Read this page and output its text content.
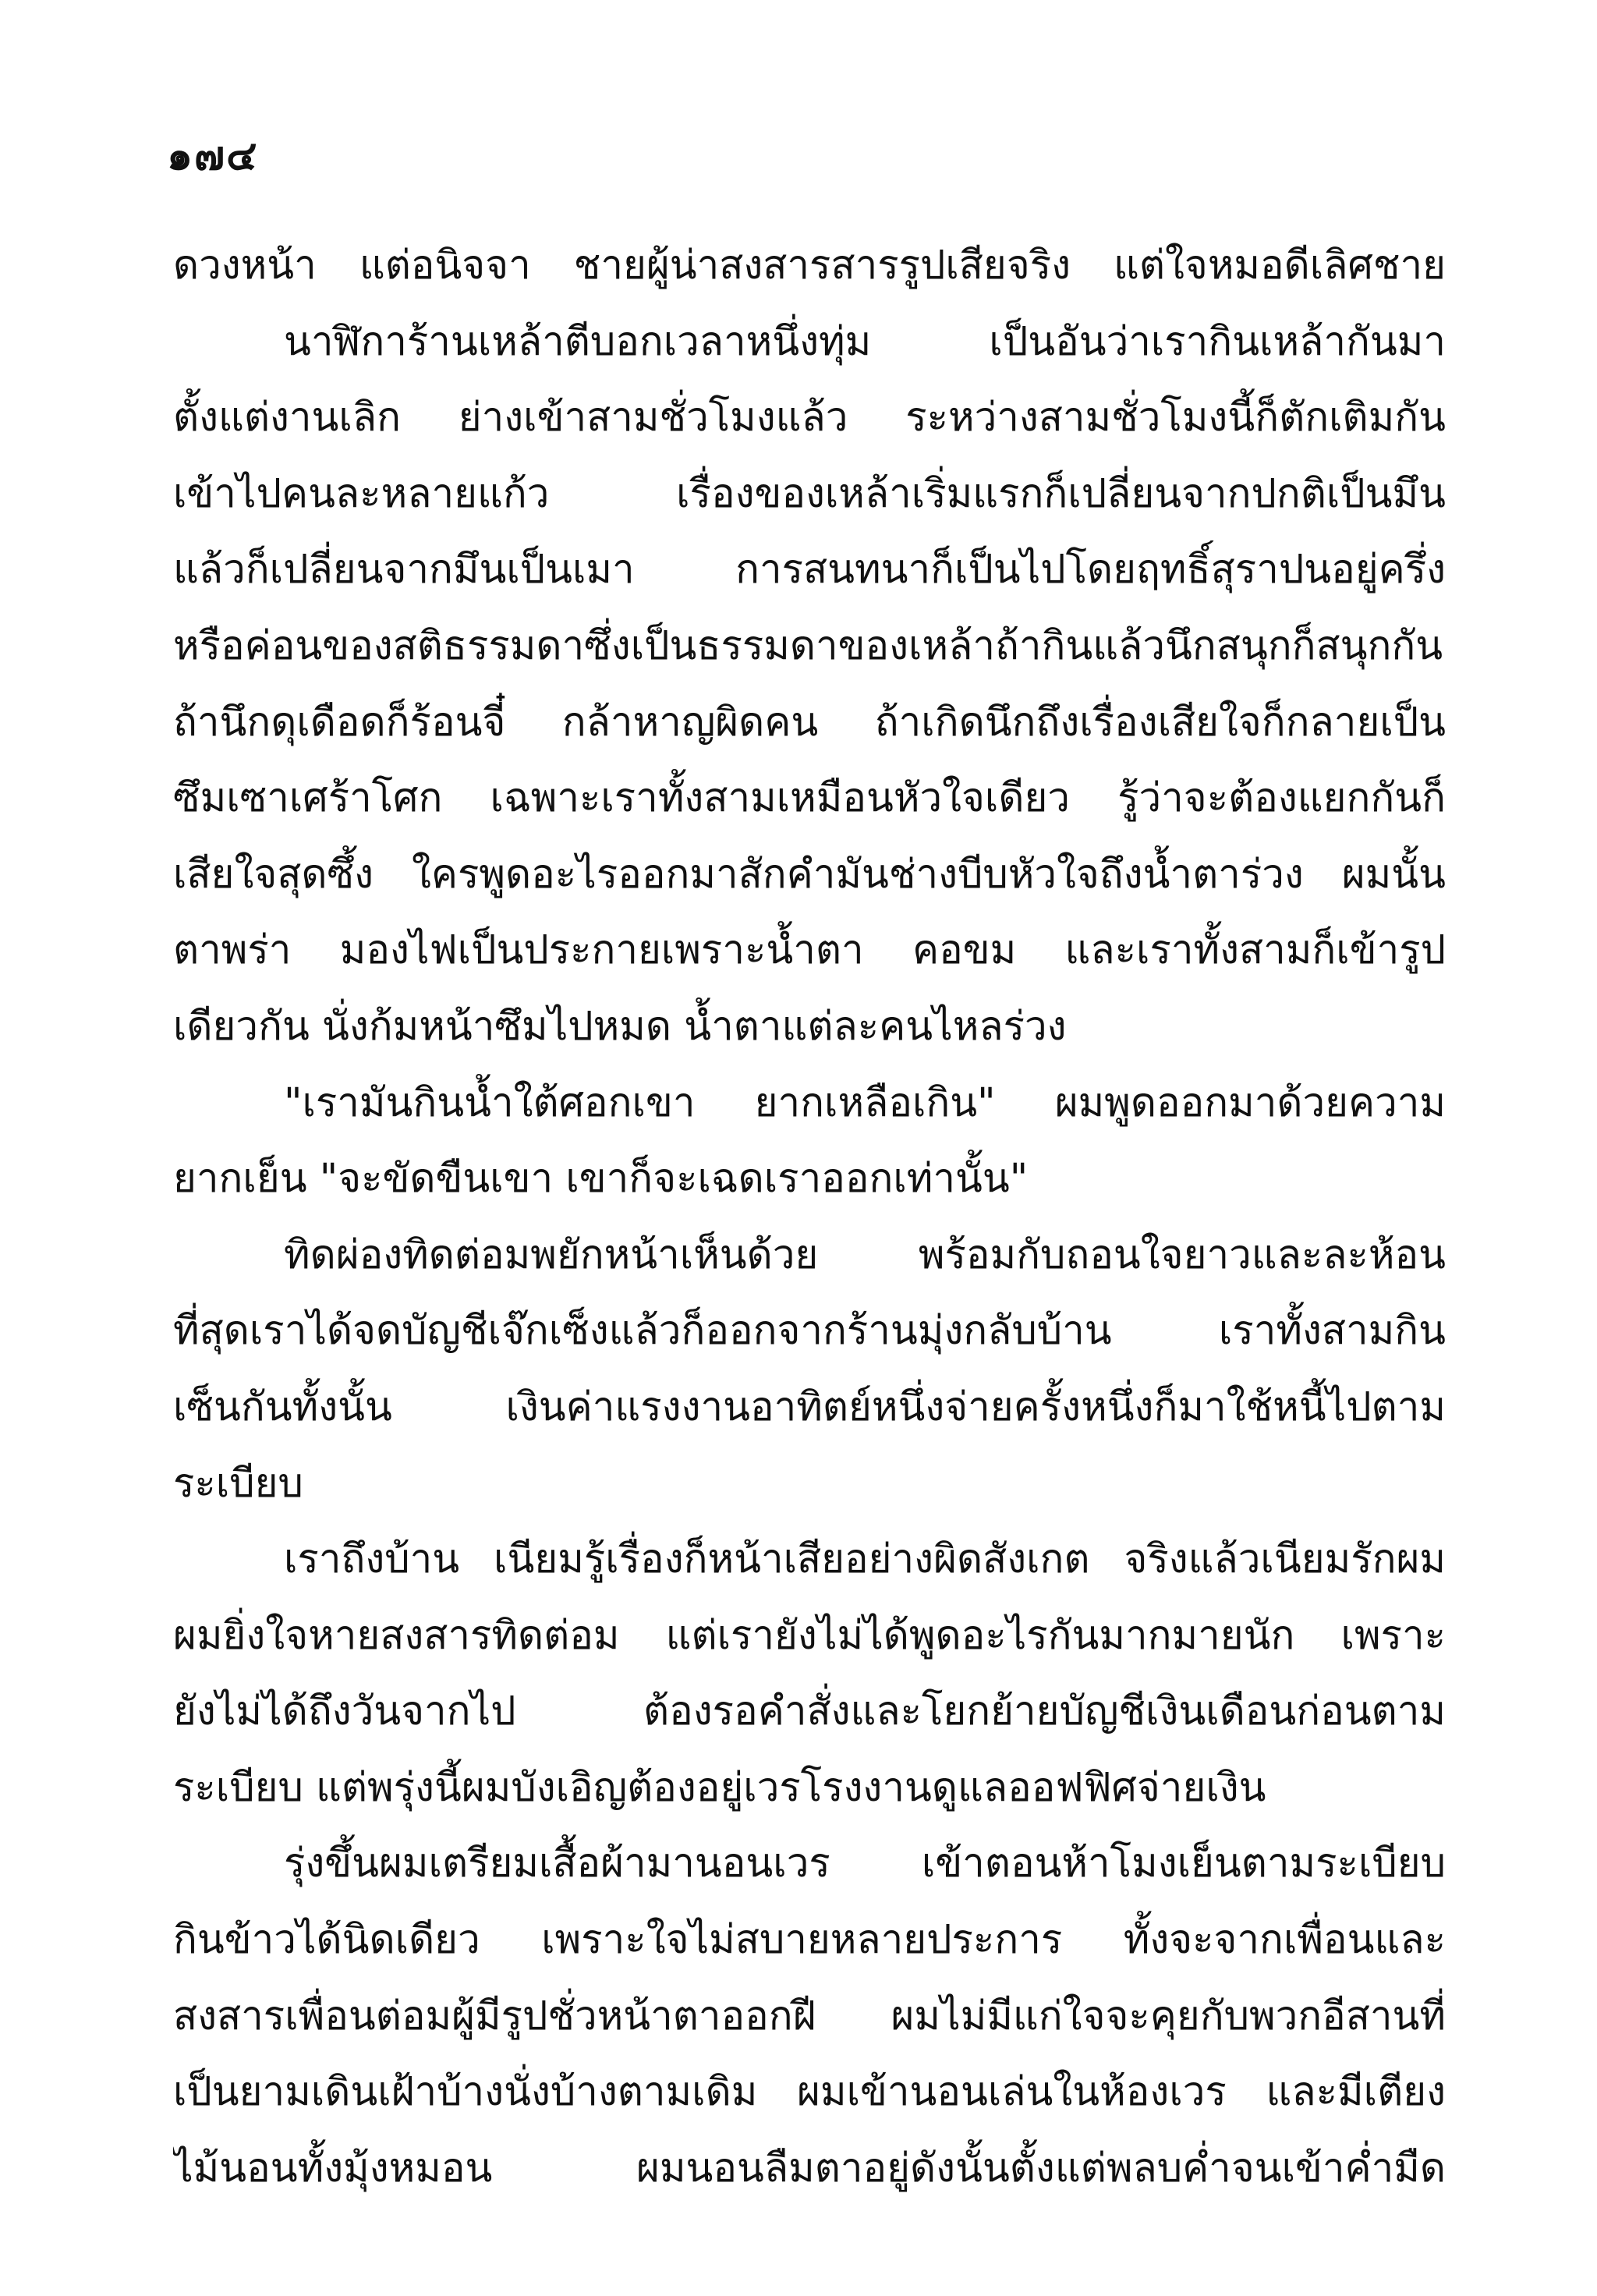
๑๗๔
ดวงหน้า แต่อนิจจา ชายผู้น่าสงสารสารรูปเสียจริง แต่ใจหมอดีเลิศชาย
นาฬิการ้านเหล้าตีบอกเวลาหนึ่งทุ่ม เป็นอันว่าเรากินเหล้ากันมา
ตั้งแต่งานเลิก ย่างเข้าสามชั่วโมงแล้ว ระหว่างสามชั่วโมงนี้ก็ตักเติมกัน
เข้าไปคนละหลายแก้ว เรื่องของเหล้าเริ่มแรกก็เปลี่ยนจากปกติเป็นมึน
แล้วก็เปลี่ยนจากมึนเป็นเมา การสนทนาก็เป็นไปโดยฤทธิ์สุราปนอยู่ครึ่ง
หรือค่อนของสติธรรมดาซึ่งเป็นธรรมดาของเหล้าถ้ากินแล้วนึกสนุกก็สนุกกัน
ถ้านึกดุเดือดก็ร้อนจี๋ กล้าหาญผิดคน ถ้าเกิดนึกถึงเรื่องเสียใจก็กลายเป็น
ซึมเซาเศร้าโศก เฉพาะเราทั้งสามเหมือนหัวใจเดียว รู้ว่าจะต้องแยกกันก็
เสียใจสุดซึ้ง ใครพูดอะไรออกมาสักคำมันช่างบีบหัวใจถึงน้ำตาร่วง ผมนั้น
ตาพร่า มองไฟเป็นประกายเพราะน้ำตา คอขม และเราทั้งสามก็เข้ารูป
เดียวกัน นั่งก้มหน้าซึมไปหมด น้ำตาแต่ละคนไหลร่วง
"เรามันกินน้ำใต้ศอกเขา ยากเหลือเกิน" ผมพูดออกมาด้วยความ
ยากเย็น "จะขัดขืนเขา เขาก็จะเฉดเราออกเท่านั้น"
ทิดผ่องทิดต่อมพยักหน้าเห็นด้วย พร้อมกับถอนใจยาวและละห้อน
ที่สุดเราได้จดบัญชีเจ๊กเซ็งแล้วก็ออกจากร้านมุ่งกลับบ้าน เราทั้งสามกิน
เซ็นกันทั้งนั้น เงินค่าแรงงานอาทิตย์หนึ่งจ่ายครั้งหนึ่งก็มาใช้หนี้ไปตาม
ระเบียบ
เราถึงบ้าน เนียมรู้เรื่องก็หน้าเสียอย่างผิดสังเกต จริงแล้วเนียมรักผม
ผมยิ่งใจหายสงสารทิดต่อม แต่เรายังไม่ได้พูดอะไรกันมากมายนัก เพราะ
ยังไม่ได้ถึงวันจากไป ต้องรอคำสั่งและโยกย้ายบัญชีเงินเดือนก่อนตาม
ระเบียบ แต่พรุ่งนี้ผมบังเอิญต้องอยู่เวรโรงงานดูแลออฟฟิศจ่ายเงิน
รุ่งขึ้นผมเตรียมเสื้อผ้ามานอนเวร เข้าตอนห้าโมงเย็นตามระเบียบ
กินข้าวได้นิดเดียว เพราะใจไม่สบายหลายประการ ทั้งจะจากเพื่อนและ
สงสารเพื่อนต่อมผู้มีรูปชั่วหน้าตาออกฝี ผมไม่มีแก่ใจจะคุยกับพวกอีสานที่
เป็นยามเดินเฝ้าบ้างนั่งบ้างตามเดิม ผมเข้านอนเล่นในห้องเวร และมีเตียง
ไม้นอนทั้งมุ้งหมอน ผมนอนลืมตาอยู่ดังนั้นตั้งแต่พลบค่ำจนเข้าค่ำมืด
